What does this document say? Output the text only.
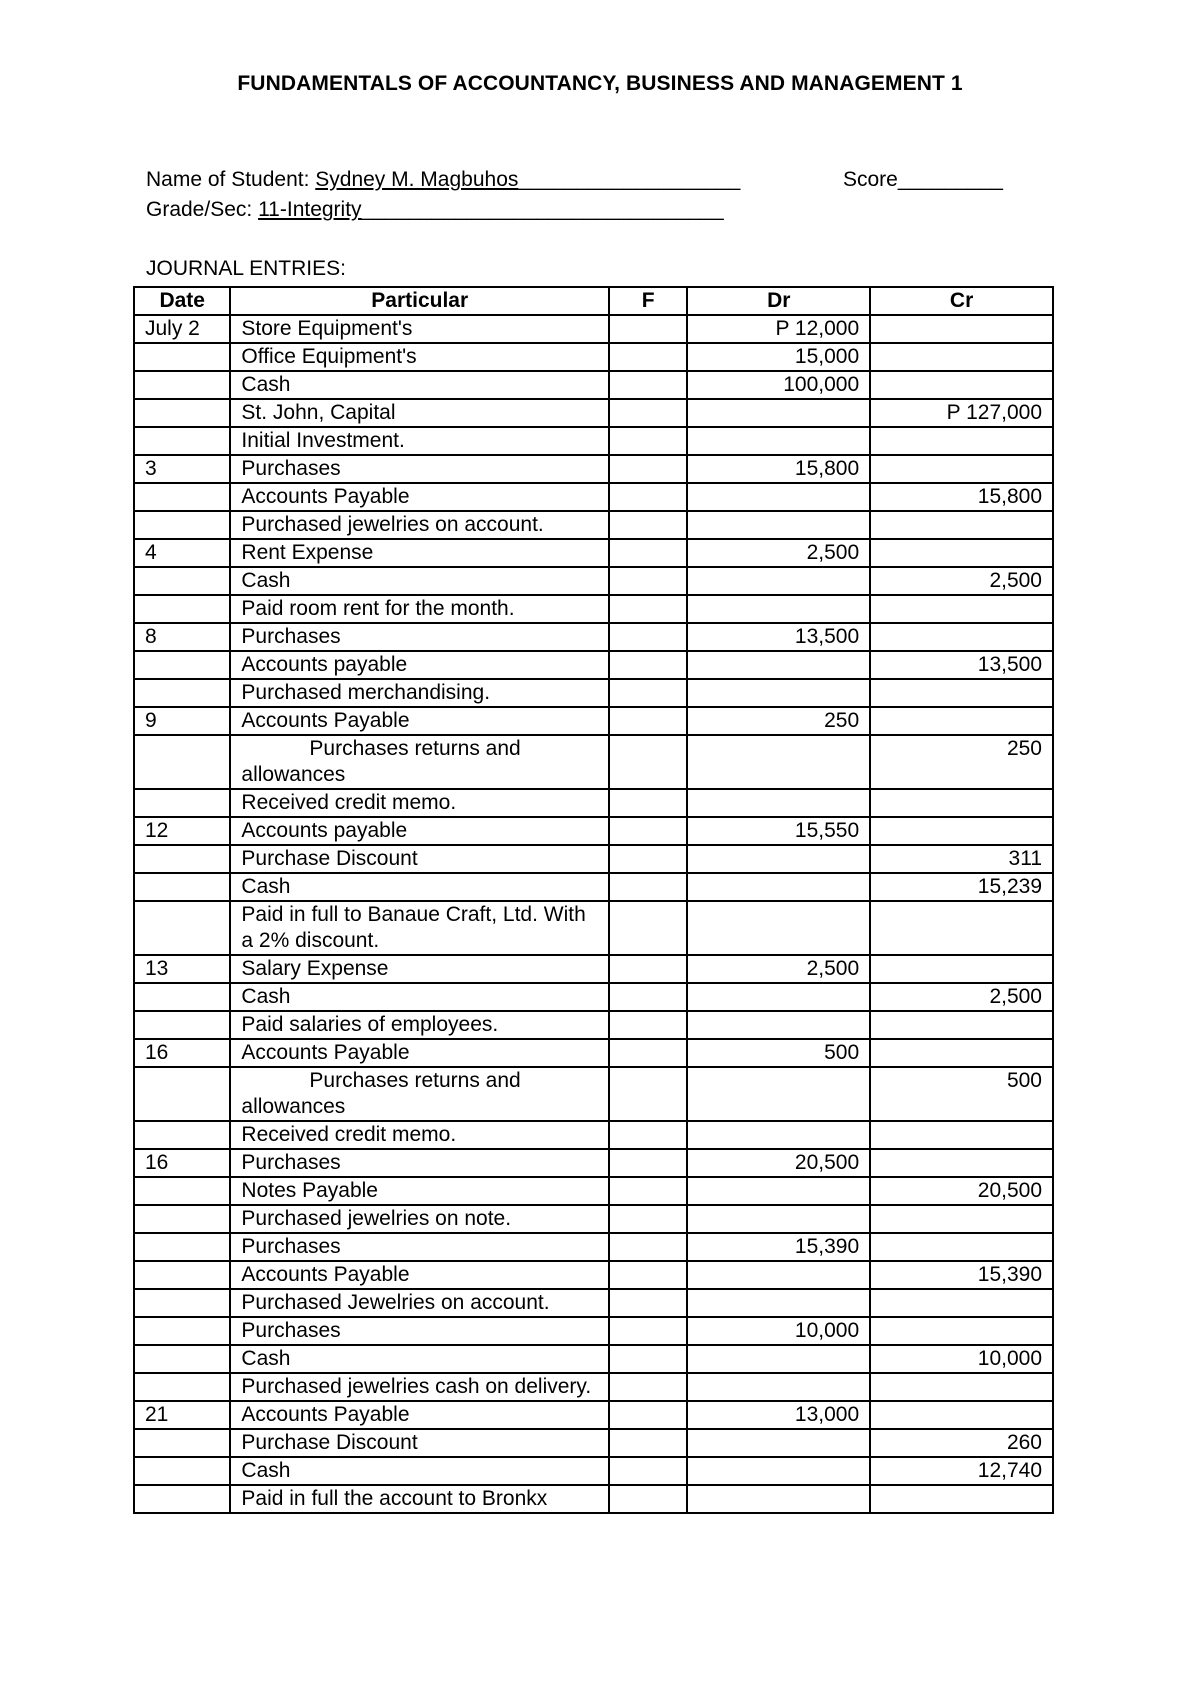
FUNDAMENTALS OF ACCOUNTANCY, BUSINESS AND MANAGEMENT 1
Name of Student: Sydney M. Magbuhos___________________	Score_________
Grade/Sec: 11-Integrity_______________________________
JOURNAL ENTRIES:
Date	Particular	F	Dr	Cr
July 2	Store Equipment's		P 12,000	
	Office Equipment's		15,000	
	Cash		100,000	
	St. John, Capital			P 127,000
	Initial Investment.			
3	Purchases		15,800	
	Accounts Payable			15,800
	Purchased jewelries on account.			
4	Rent Expense		2,500	
	Cash			2,500
	Paid room rent for the month.			
8	Purchases		13,500	
	Accounts payable			13,500
	Purchased merchandising.			
9	Accounts Payable		250	
	Purchases returns and allowances			250
	Received credit memo.			
12	Accounts payable		15,550	
	Purchase Discount			311
	Cash			15,239
	Paid in full to Banaue Craft, Ltd. With a 2% discount.			
13	Salary Expense		2,500	
	Cash			2,500
	Paid salaries of employees.			
16	Accounts Payable		500	
	Purchases returns and allowances			500
	Received credit memo.			
16	Purchases		20,500	
	Notes Payable			20,500
	Purchased jewelries on note.			
	Purchases		15,390	
	Accounts Payable			15,390
	Purchased Jewelries on account.			
	Purchases		10,000	
	Cash			10,000
	Purchased jewelries cash on delivery.			
21	Accounts Payable		13,000	
	Purchase Discount			260
	Cash			12,740
	Paid in full the account to Bronkx			
